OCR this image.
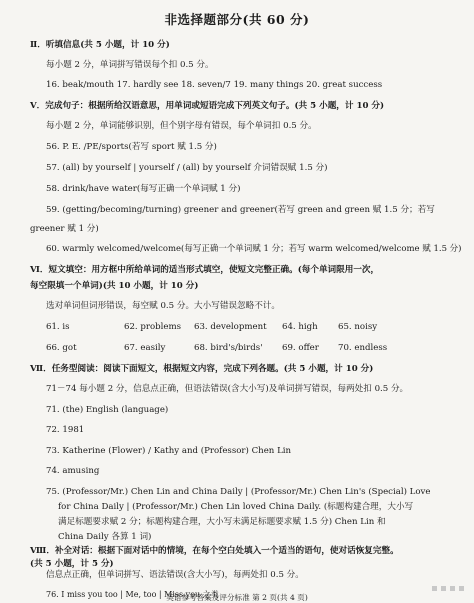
非选择题部分(共 60 分)
Ⅱ．听填信息(共 5 小题，计 10 分)
每小题 2 分，单词拼写错误每个扣 0.5 分。
16. beak/mouth 17. hardly see 18. seven/7 19. many things 20. great success
Ⅴ．完成句子：根据所给汉语意思，用单词或短语完成下列英文句子。(共 5 小题，计 10 分)
每小题 2 分，单词能够识别，但个别字母有错误，每个单词扣 0.5 分。
56. P. E. /PE/sports(若写 sport 赋 1.5 分)
57. (all) by yourself | yourself / (all) by yourself 介词错误赋 1.5 分)
58. drink/have water(每写正确一个单词赋 1 分)
59. (getting/becoming/turning) greener and greener(若写 green and green 赋 1.5 分；若写
greener 赋 1 分)
60. warmly welcomed/welcome(每写正确一个单词赋 1 分；若写 warm welcomed/welcome 赋 1.5 分)
Ⅵ．短文填空：用方框中所给单词的适当形式填空，使短文完整正确。(每个单词限用一次，
每空限填一个单词)(共 10 小题，计 10 分)
选对单词但词形错误，每空赋 0.5 分。大小写错误忽略不计。
61. is	62. problems 63. development 64. high 65. noisy
66. got	67. easily	68. bird's/birds' 69. offer 70. endless
Ⅶ．任务型阅读：阅读下面短文，根据短文内容，完成下列各题。(共 5 小题，计 10 分)
71－74 每小题 2 分，信息点正确，但语法错误(含大小写)及单词拼写错误，每两处扣 0.5 分。
71. (the) English (language)
72. 1981
73. Katherine (Flower) / Kathy and (Professor) Chen Lin
74. amusing
75. (Professor/Mr.) Chen Lin and China Daily | (Professor/Mr.) Chen Lin's (Special) Love
for China Daily | (Professor/Mr.) Chen Lin loved China Daily. (标题构建合理，大小写
满足标题要求赋 2 分；标题构建合理，大小写未满足标题要求赋 1.5 分) Chen Lin 和
China Daily 各算 1 词)
Ⅷ．补全对话：根据下面对话中的情境，在每个空白处填入一个适当的语句，使对话恢复完整。
(共 5 小题，计 5 分)
信息点正确，但单词拼写、语法错误(含大小写)，每两处扣 0.5 分。
76. I miss you too | Me, too | Miss you 之类
英语参考答案及评分标准 第 2 页(共 4 页)
